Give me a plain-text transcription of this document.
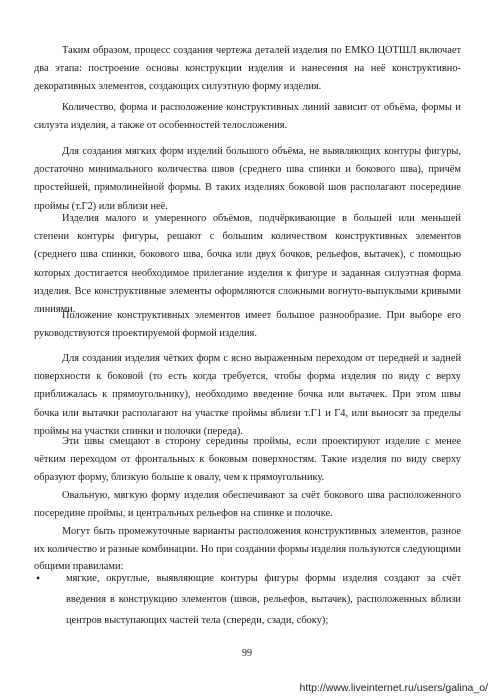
Таким образом, процесс создания чертежа деталей изделия по ЕМКО ЦОТШЛ включает два этапа: построение основы конструкции изделия и нанесения на неё конструктивно-декоративных элементов, создающих силуэтную форму изделия.

Количество, форма и расположение конструктивных линий зависит от объёма, формы и силуэта изделия, а также от особенностей телосложения.

Для создания мягких форм изделий большого объёма, не выявляющих контуры фигуры, достаточно минимального количества швов (среднего шва спинки и бокового шва), причём простейшей, прямолинейной формы. В таких изделиях боковой шов располагают посередине проймы (т.Г2) или вблизи неё.

Изделия малого и умеренного объёмов, подчёркивающие в большей или меньшей степени контуры фигуры, решают с большим количеством конструктивных элементов (среднего шва спинки, бокового шва, бочка или двух бочков, рельефов, вытачек), с помощью которых достигается необходимое прилегание изделия к фигуре и заданная силуэтная форма изделия. Все конструктивные элементы оформляются сложными вогнуто-выпуклыми кривыми линиями.

Положение конструктивных элементов имеет большое разнообразие. При выборе его руководствуются проектируемой формой изделия.

Для создания изделия чётких форм с ясно выраженным переходом от передней и задней поверхности к боковой (то есть когда требуется, чтобы форма изделия по виду с верху приближалась к прямоугольнику), необходимо введение бочка или вытачек. При этом швы бочка или вытачки располагают на участке проймы вблизи т.Г1 и Г4, или выносят за пределы проймы на участки спинки и полочки (переда).

Эти швы смещают в сторону середины проймы, если проектируют изделие с менее чётким переходом от фронтальных к боковым поверхностям. Такие изделия по виду сверху образуют форму, близкую больше к овалу, чем к прямоугольнику.

Овальную, мягкую форму изделия обеспечивают за счёт бокового шва расположенного посередине проймы, и центральных рельефов на спинке и полочке.

Могут быть промежуточные варианты расположения конструктивных элементов, разное их количество и разные комбинации. Но при создании формы изделия пользуются следующими общими правилами:

•	мягкие, округлые, выявляющие контуры фигуры формы изделия создают за счёт введения в конструкцию элементов (швов, рельефов, вытачек), расположенных вблизи центров выступающих частей тела (спереди, сзади, сбоку);

99

http://www.liveinternet.ru/users/galina_o/
